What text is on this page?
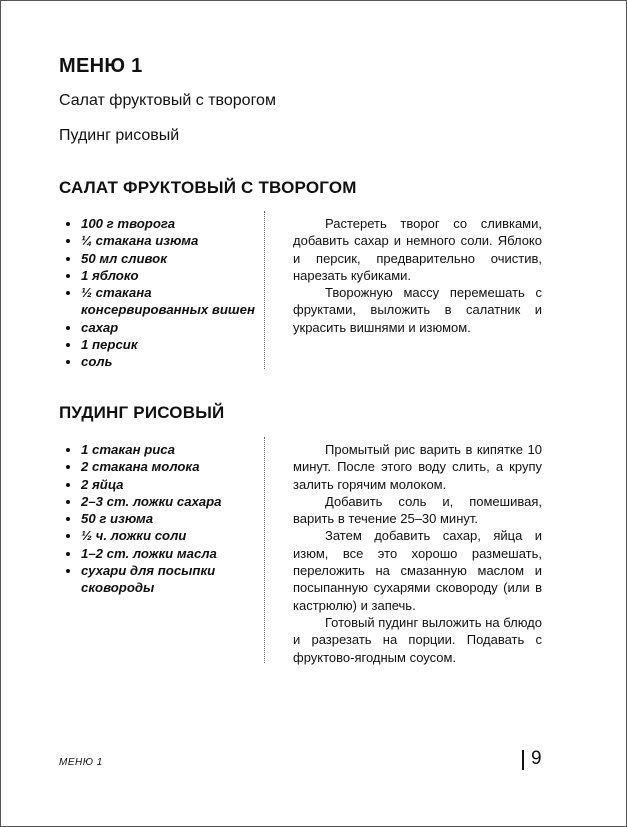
МЕНЮ 1
Салат фруктовый с творогом
Пудинг рисовый
САЛАТ ФРУКТОВЫЙ С ТВОРОГОМ
• 100 г творога
• ¼ стакана изюма
• 50 мл сливок
• 1 яблоко
• ½ стакана консервированных вишен
• сахар
• 1 персик
• соль

Растереть творог со сливками, добавить сахар и немного соли. Яблоко и персик, предварительно очистив, нарезать кубиками.

Творожную массу перемешать с фруктами, выложить в салатник и украсить вишнями и изюмом.

ПУДИНГ РИСОВЫЙ
• 1 стакан риса
• 2 стакана молока
• 2 яйца
• 2–3 ст. ложки сахара
• 50 г изюма
• ½ ч. ложки соли
• 1–2 ст. ложки масла
• сухари для посыпки сковороды

Промытый рис варить в кипятке 10 минут. После этого воду слить, а крупу залить горячим молоком.

Добавить соль и, помешивая, варить в течение 25–30 минут.

Затем добавить сахар, яйца и изюм, все это хорошо размешать, переложить на смазанную маслом и посыпанную сухарями сковороду (или в кастрюлю) и запечь.

Готовый пудинг выложить на блюдо и разрезать на порции. Подавать с фруктово-ягодным соусом.

МЕНЮ 1	9
